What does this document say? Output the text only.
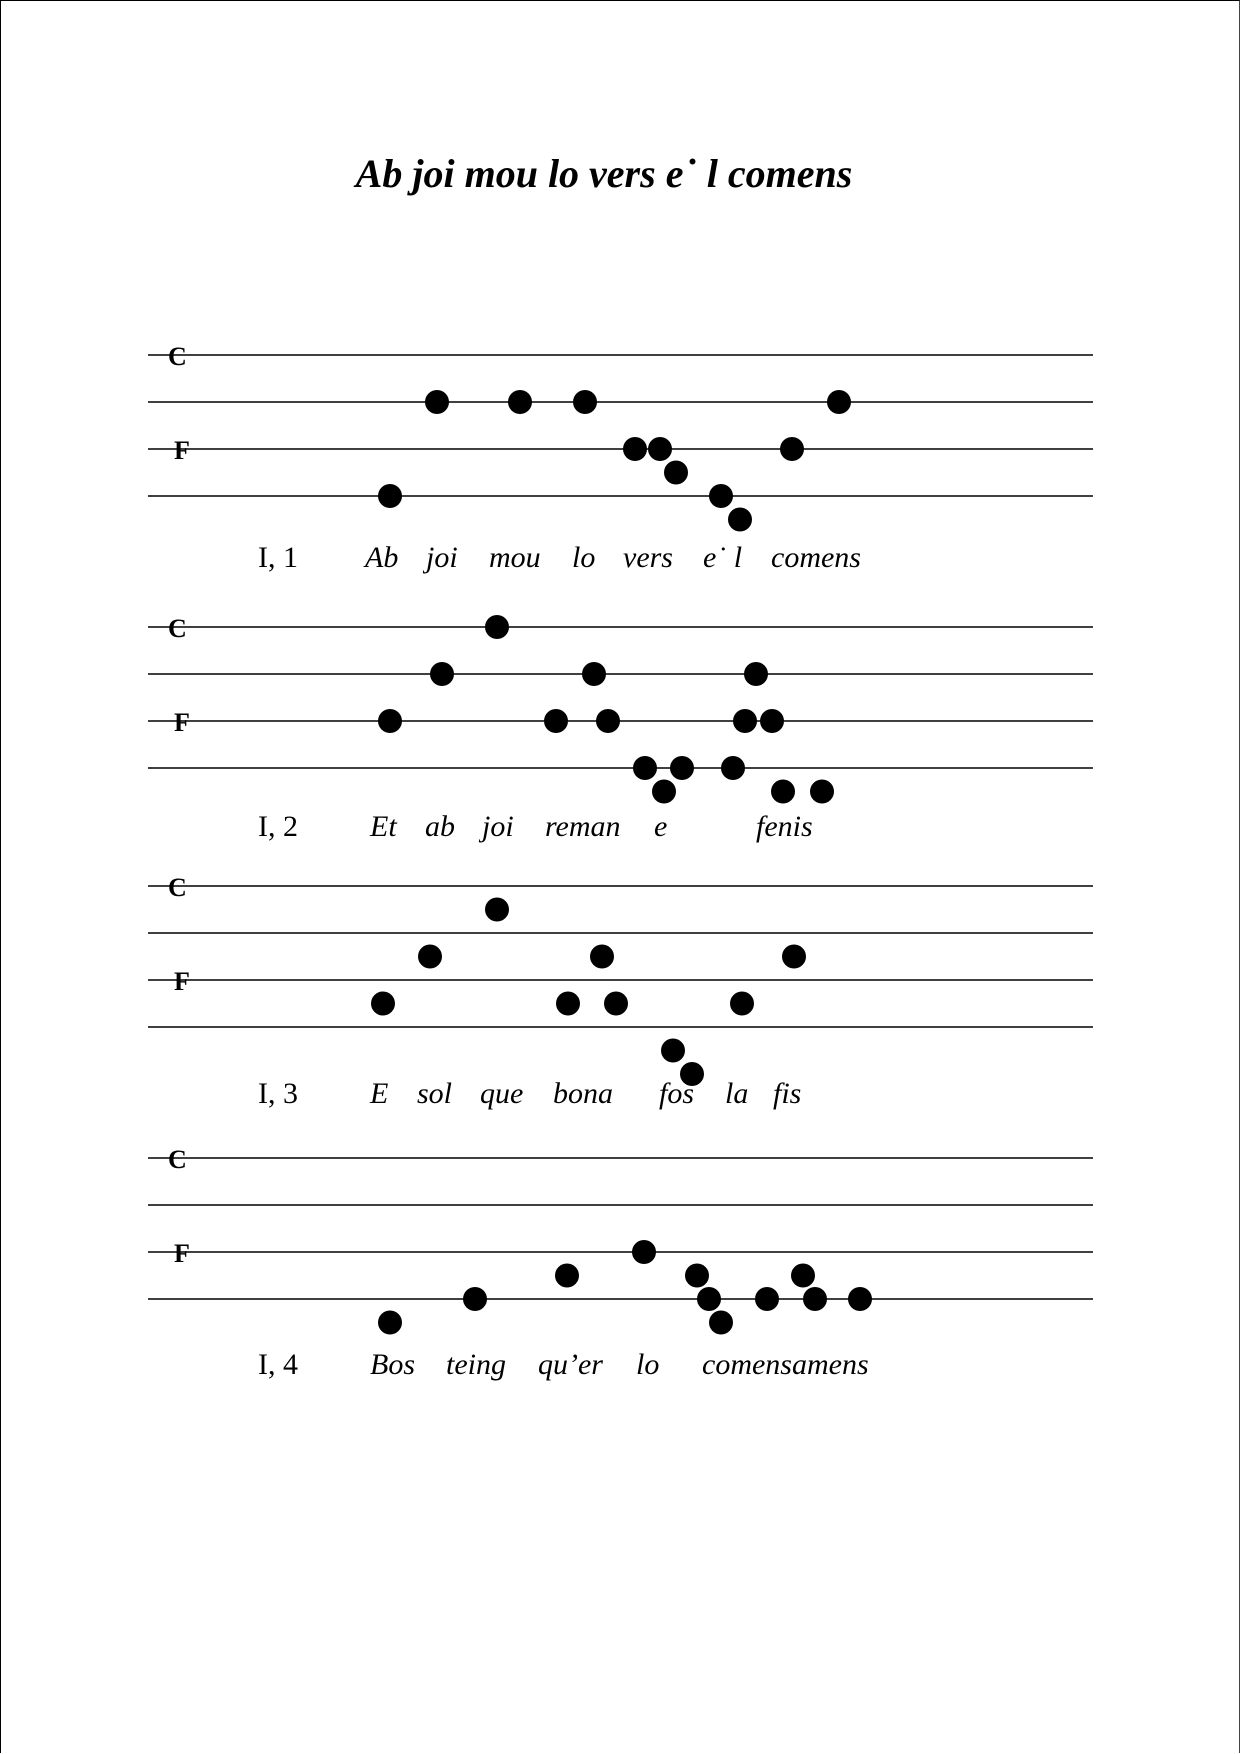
Ab joi mou lo vers e˙ l comens
C
F
I, 1 Ab joi mou lo vers e˙ l comens
C
F
I, 2 Et ab joi reman e	fenis
C
F
I, 3 E sol que bona fos la fis
C
F
I, 4 Bos teing qu’er lo comensamens
